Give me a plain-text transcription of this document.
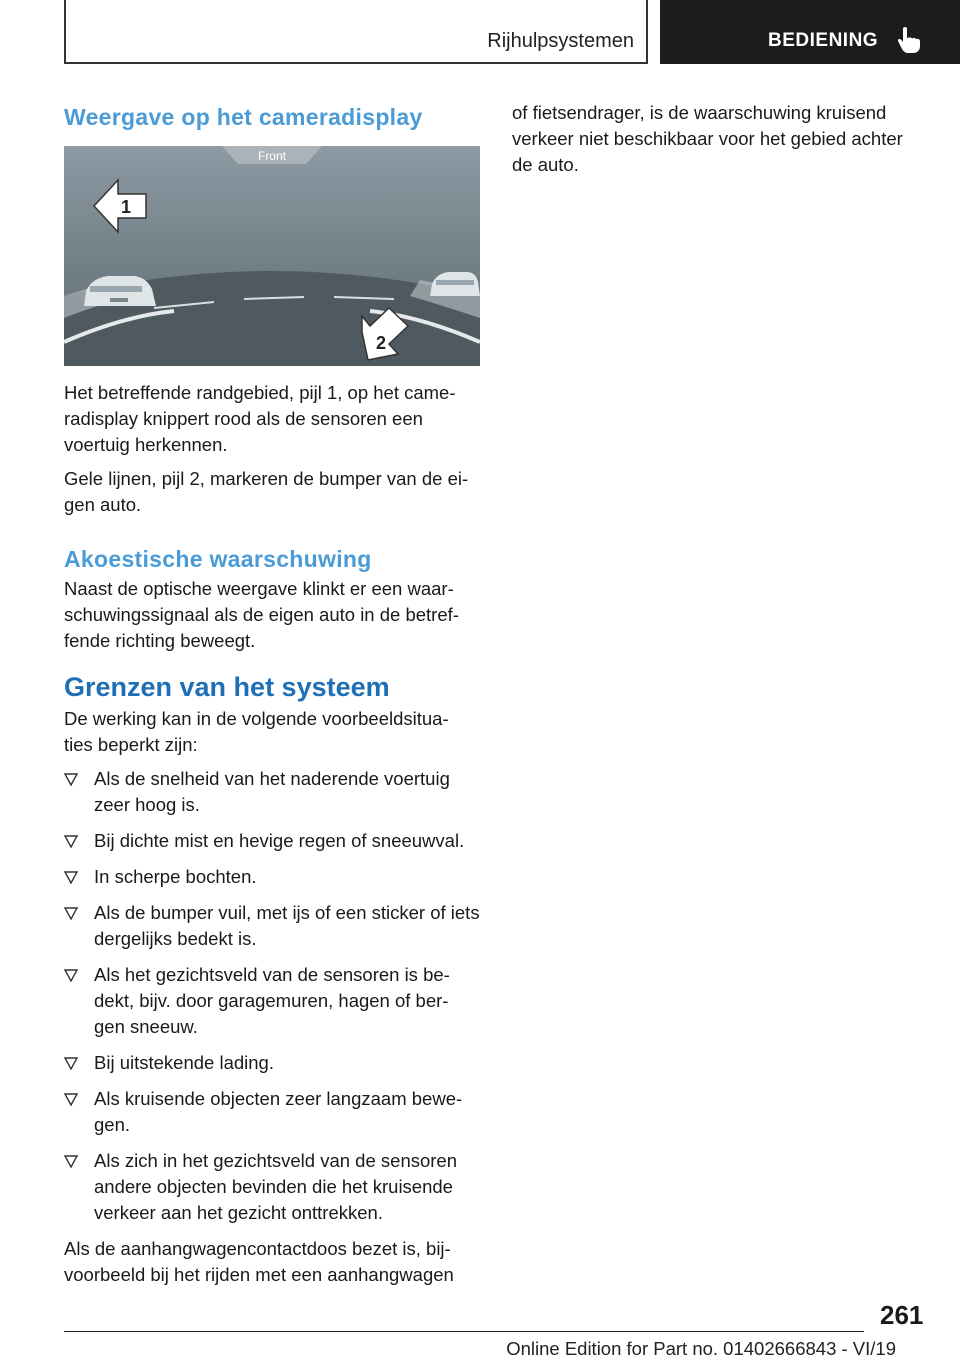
Rijhulpsystemen	BEDIENING
Weergave op het cameradisplay
Front
1
2

Het betreffende randgebied, pijl 1, op het came‐ radisplay knippert rood als de sensoren een voertuig herkennen.

Gele lijnen, pijl 2, markeren de bumper van de ei‐ gen auto.

Akoestische waarschuwing

Naast de optische weergave klinkt er een waar‐ schuwingssignaal als de eigen auto in de betref‐ fende richting beweegt.

Grenzen van het systeem

De werking kan in de volgende voorbeeldsitua‐ ties beperkt zijn:

Als de snelheid van het naderende voertuig zeer hoog is.
Bij dichte mist en hevige regen of sneeuwval.
In scherpe bochten.
Als de bumper vuil, met ijs of een sticker of iets dergelijks bedekt is.
Als het gezichtsveld van de sensoren is be‐ dekt, bijv. door garagemuren, hagen of ber‐ gen sneeuw.
Bij uitstekende lading.
Als kruisende objecten zeer langzaam bewe‐ gen.
Als zich in het gezichtsveld van de sensoren andere objecten bevinden die het kruisende verkeer aan het gezicht onttrekken.

Als de aanhangwagencontactdoos bezet is, bij‐ voorbeeld bij het rijden met een aanhangwagen

of fietsendrager, is de waarschuwing kruisend verkeer niet beschikbaar voor het gebied achter de auto.

261
Online Edition for Part no. 01402666843 - VI/19
